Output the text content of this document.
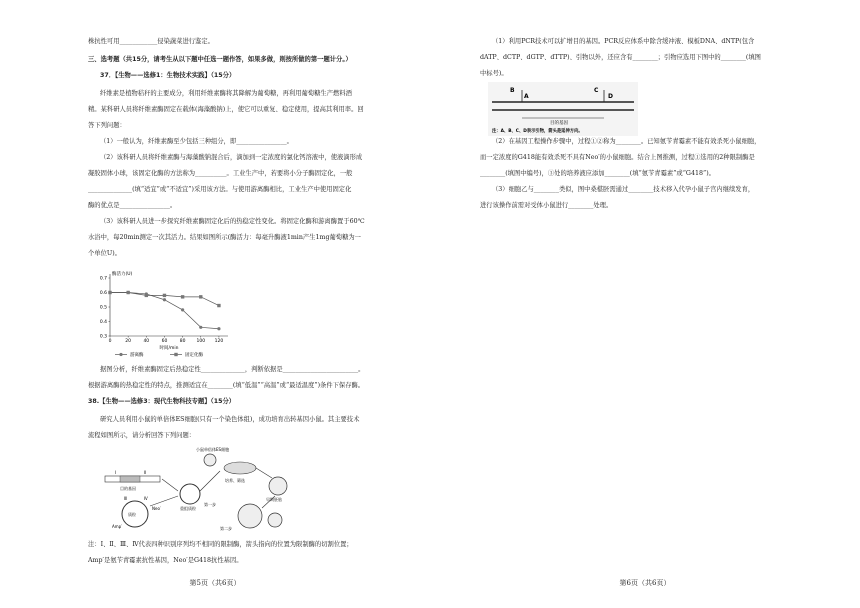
株抗性可用____________侵染蔬菜进行鉴定。
三、选考题（共15分，请考生从以下题中任选一题作答，如果多做，则按所做的第一题计分。）
37．【生物——选修1：生物技术实践】（15分）
纤维素是植物秸秆的主要成分，利用纤维素酶将其降解为葡萄糖，再利用葡萄糖生产燃料酒
精。某科研人员将纤维素酶固定在载体(海藻酸钠)上，使它可以重复、稳定使用，提高其利用率。回
答下列问题：
（1）一般认为，纤维素酶至少包括三种组分，即________________。
（2）该科研人员将纤维素酶与海藻酸钠混合后，滴加到一定浓度的氯化钙溶液中，使液滴形成
凝胶固体小球，该固定化酶的方法称为__________。工业生产中，若要将小分子酶固定化，一般
______________(填“适宜”或“不适宜”)采用该方法。与使用游离酶相比，工业生产中使用固定化
酶的优点是________________。
（3）该科研人员进一步探究纤维素酶固定化后的热稳定性变化。将固定化酶和游离酶置于60℃
水浴中，每20min测定一次其活力。结果如图所示(酶活力：每毫升酶液1min产生1mg葡萄糖为一
个单位U)。
酶活力(U)
0.3
0.4
0.5
0.6
0.7
0	20	40	60	80 100 120
时间/min
游离酶	固定化酶
据图分析，纤维素酶固定后热稳定性______________，判断依据是________________________。
根据游离酶的热稳定性的特点，推测适宜在________(填“低温”“高温”或“最适温度”)条件下保存酶。
38.【生物——选修3：现代生物科技专题】（15分）
研究人员利用小鼠的单倍体ES细胞(只有一个染色体组)，成功培育出转基因小鼠。其主要技术
流程如图所示，请分析回答下列问题：
小鼠单倍体ES细胞
目的基因
Ⅰ	Ⅱ
质粒
Neo′
Amp′
Ⅲ	Ⅳ
重组质粒
培养、筛选
第一步
第二步
早期胚胎
注：Ⅰ、Ⅱ、Ⅲ、Ⅳ代表四种识别序列均不相同的限制酶，箭头指向的位置为限制酶的切割位置；
Amp′是氨苄青霉素抗性基因，Neo′是G418抗性基因。
第5页（共6页）
（1）利用PCR技术可以扩增目的基因。PCR反应体系中除含缓冲液、模板DNA、dNTP(包含
dATP、dCTP、dGTP、dTTP)、引物以外，还应含有________；引物应选用下图中的________(填图
中标号)。
B
A
C
D
目的基因
注：A、B、C、D表示引物，箭头是延伸方向。
（2）在基因工程操作步骤中，过程①②称为________。已知氨苄青霉素不能有效杀死小鼠细胞，
而一定浓度的G418能有效杀死不具有Neo′的小鼠细胞。结合上图推测，过程①选用的2种限制酶是
________(填图中编号)，③处的培养液应添加________(填“氨苄青霉素”或“G418”)。
（3）细胞乙与________类似，图中桑椹胚需通过________技术移入代孕小鼠子宫内继续发育，
进行该操作前需对受体小鼠进行________处理。
第6页（共6页）
